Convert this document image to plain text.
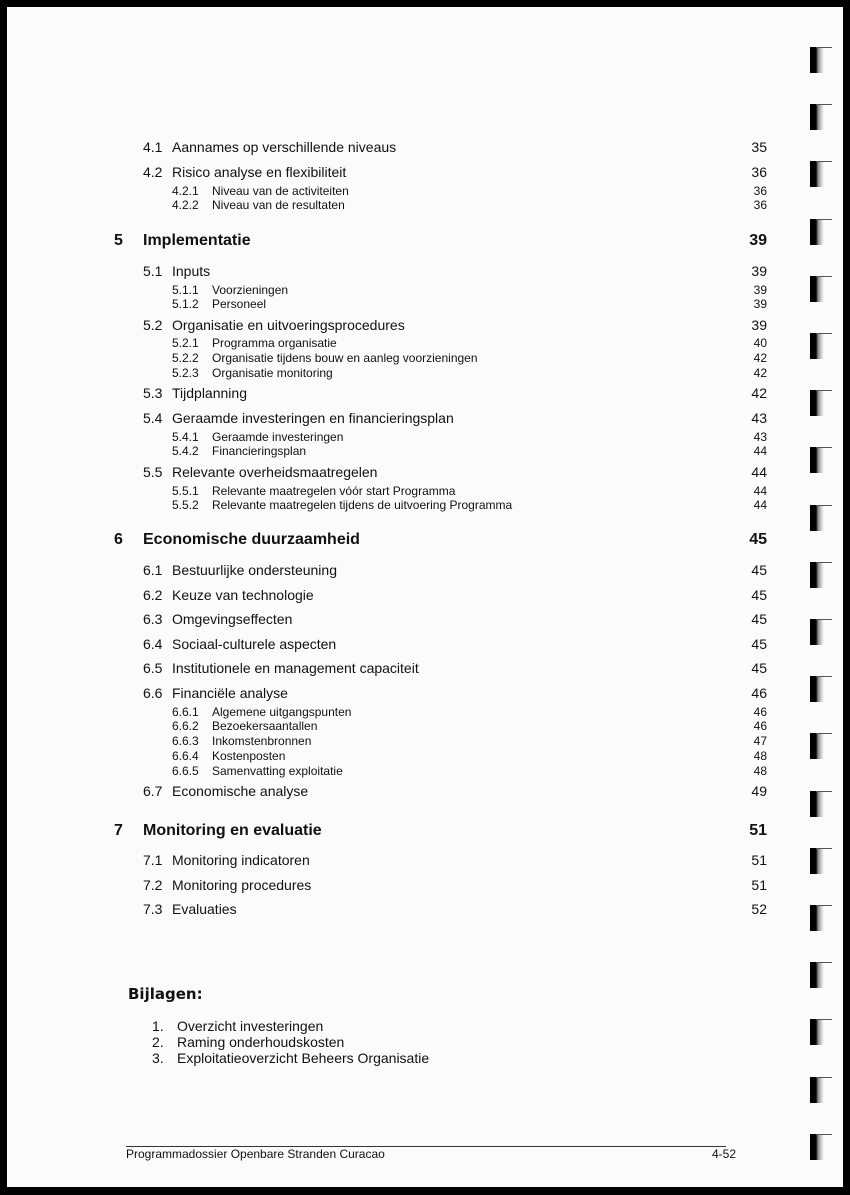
4.1 Aannames op verschillende niveaus	35
4.2 Risico analyse en flexibiliteit	36
4.2.1 Niveau van de activiteiten	36
4.2.2 Niveau van de resultaten	36
5 Implementatie	39
5.1 Inputs	39
5.1.1 Voorzieningen	39
5.1.2 Personeel	39
5.2 Organisatie en uitvoeringsprocedures	39
5.2.1 Programma organisatie	40
5.2.2 Organisatie tijdens bouw en aanleg voorzieningen	42
5.2.3 Organisatie monitoring	42
5.3 Tijdplanning	42
5.4 Geraamde investeringen en financieringsplan	43
5.4.1 Geraamde investeringen	43
5.4.2 Financieringsplan	44
5.5 Relevante overheidsmaatregelen	44
5.5.1 Relevante maatregelen vóór start Programma	44
5.5.2 Relevante maatregelen tijdens de uitvoering Programma	44
6 Economische duurzaamheid	45
6.1 Bestuurlijke ondersteuning	45
6.2 Keuze van technologie	45
6.3 Omgevingseffecten	45
6.4 Sociaal-culturele aspecten	45
6.5 Institutionele en management capaciteit	45
6.6 Financiële analyse	46
6.6.1 Algemene uitgangspunten	46
6.6.2 Bezoekersaantallen	46
6.6.3 Inkomstenbronnen	47
6.6.4 Kostenposten	48
6.6.5 Samenvatting exploitatie	48
6.7 Economische analyse	49
7 Monitoring en evaluatie	51
7.1 Monitoring indicatoren	51
7.2 Monitoring procedures	51
7.3 Evaluaties	52
Bijlagen:
1. Overzicht investeringen
2. Raming onderhoudskosten
3. Exploitatieoverzicht Beheers Organisatie
Programmadossier Openbare Stranden Curacao	4-52
